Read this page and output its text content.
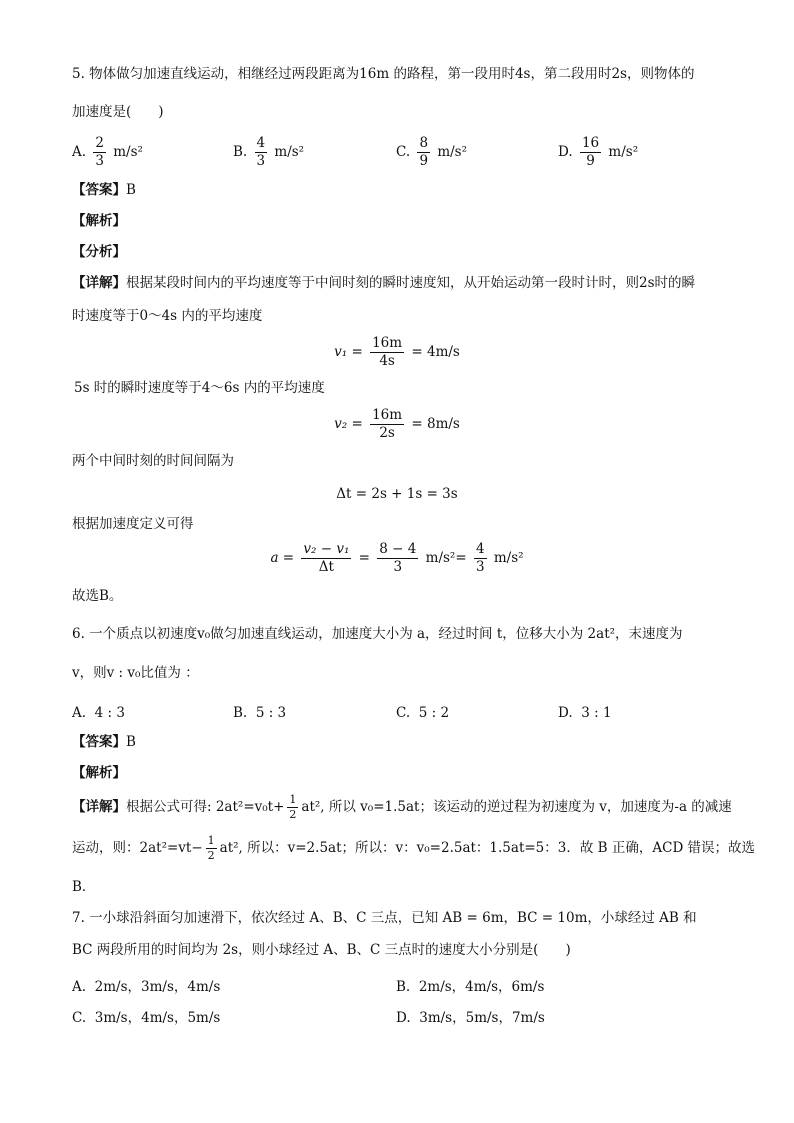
5. 物体做匀加速直线运动，相继经过两段距离为16m 的路程，第一段用时4s，第二段用时2s，则物体的
加速度是(　　)
A. $\frac{2}{3} m/s^2$	B. $\frac{4}{3} m/s^2$	C. $\frac{8}{9} m/s^2$	D. $\frac{16}{9} m/s^2$
【答案】B
【解析】
【分析】
【详解】根据某段时间内的平均速度等于中间时刻的瞬时速度知，从开始运动第一段时计时，则2s时的瞬
时速度等于0～4s 内的平均速度
$v_1 = \frac{16m}{4s} = 4m/s$
5s 时的瞬时速度等于4～6s 内的平均速度
$v_2 = \frac{16m}{2s} = 8m/s$
两个中间时刻的时间间隔为
Δt = 2s + 1s = 3s
根据加速度定义可得
$a = \frac{\text{v₂ − v₁}}{\Delta t} = \frac{8 - 4}{3} m/s^2= \frac{4}{3} m/s^2$
故选B。
6. 一个质点以初速度v₀做匀加速直线运动，加速度大小为 a，经过时间 t，位移大小为 2at²，末速度为
v，则v : v₀比值为 ：
A. 4 : 3	B. 5 : 3	C. 5 : 2	D. 3 : 1
【答案】B
【解析】
【详解】根据公式可得: $2at^2=v_0t+ \frac{1}{2} at^2$, 所以 v₀=1.5at；该运动的逆过程为初速度为 v，加速度为-a 的减速
运动，则：$2at^2=vt- \frac{1}{2} at^2$, 所以：v=2.5at；所以：v：v₀=2.5at：1.5at=5：3．故 B 正确，ACD 错误；故选
B．
7. 一小球沿斜面匀加速滑下，依次经过 A、B、C 三点，已知 AB = 6m，BC = 10m，小球经过 AB 和
BC 两段所用的时间均为 2s，则小球经过 A、B、C 三点时的速度大小分别是(　　)
A. 2m/s，3m/s，4m/s	B. 2m/s，4m/s，6m/s
C. 3m/s，4m/s，5m/s	D. 3m/s，5m/s，7m/s
